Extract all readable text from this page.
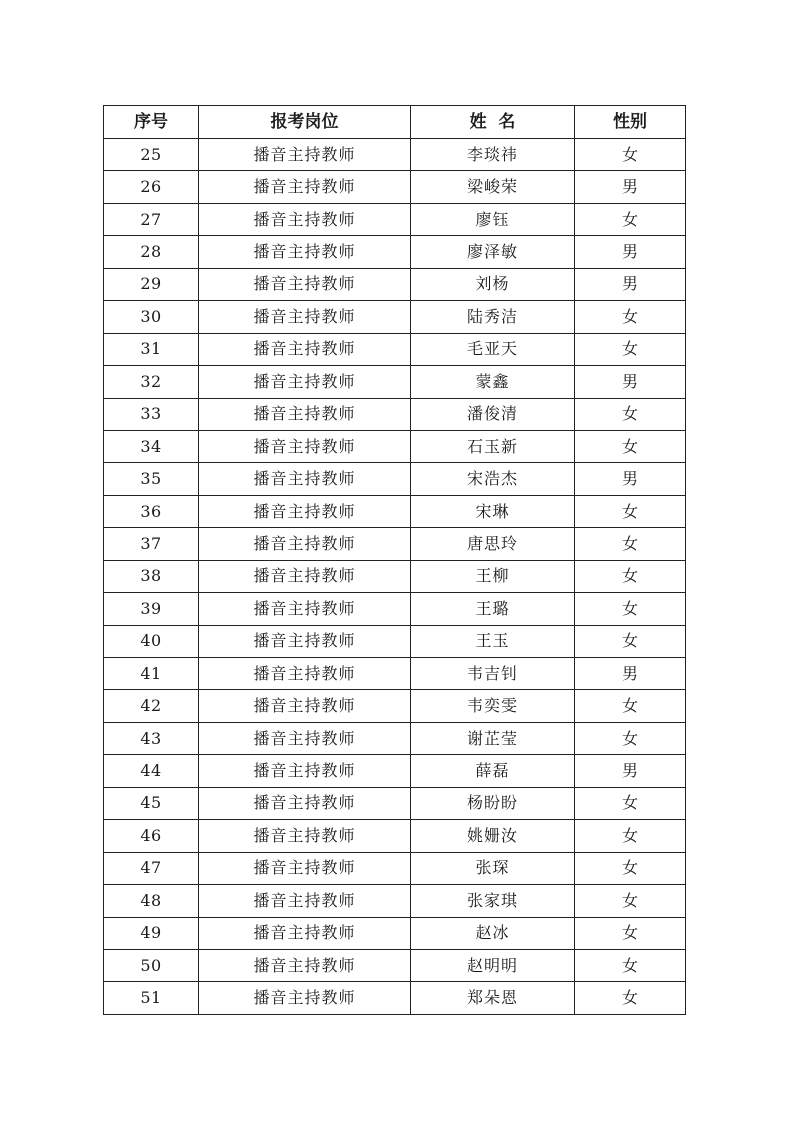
序号	报考岗位	姓  名	性别
25	播音主持教师	李琰祎	女
26	播音主持教师	梁峻荣	男
27	播音主持教师	廖钰	女
28	播音主持教师	廖泽敏	男
29	播音主持教师	刘杨	男
30	播音主持教师	陆秀洁	女
31	播音主持教师	毛亚天	女
32	播音主持教师	蒙鑫	男
33	播音主持教师	潘俊清	女
34	播音主持教师	石玉新	女
35	播音主持教师	宋浩杰	男
36	播音主持教师	宋琳	女
37	播音主持教师	唐思玲	女
38	播音主持教师	王柳	女
39	播音主持教师	王璐	女
40	播音主持教师	王玉	女
41	播音主持教师	韦吉钊	男
42	播音主持教师	韦奕雯	女
43	播音主持教师	谢芷莹	女
44	播音主持教师	薛磊	男
45	播音主持教师	杨盼盼	女
46	播音主持教师	姚姗汝	女
47	播音主持教师	张琛	女
48	播音主持教师	张家琪	女
49	播音主持教师	赵冰	女
50	播音主持教师	赵明明	女
51	播音主持教师	郑朵恩	女
